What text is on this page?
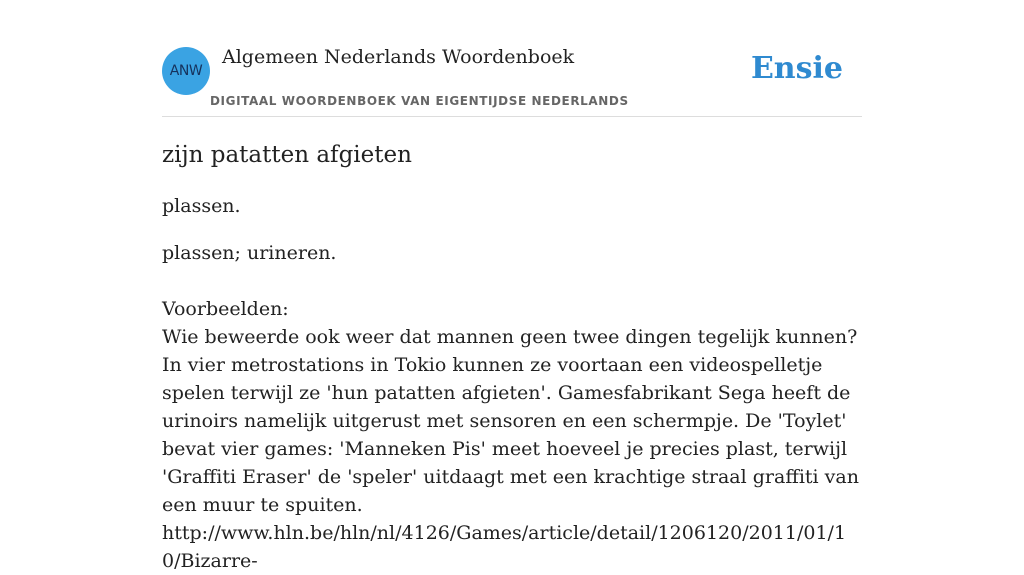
ANW
Algemeen Nederlands Woordenboek
DIGITAAL WOORDENBOEK VAN EIGENTIJDSE NEDERLANDS
Ensie
zijn patatten afgieten

plassen.

plassen; urineren.

Voorbeelden:

Wie beweerde ook weer dat mannen geen twee dingen tegelijk kunnen? In vier metrostations in Tokio kunnen ze voortaan een videospelletje spelen terwijl ze 'hun patatten afgieten'. Gamesfabrikant Sega heeft de urinoirs namelijk uitgerust met sensoren en een schermpje. De 'Toylet' bevat vier games: 'Manneken Pis' meet hoeveel je precies plast, terwijl 'Graffiti Eraser' de 'speler' uitdaagt met een krachtige straal graffiti van een muur te spuiten.

http://www.hln.be/hln/nl/4126/Games/article/detail/1206120/2011/01/10/Bizarre-
